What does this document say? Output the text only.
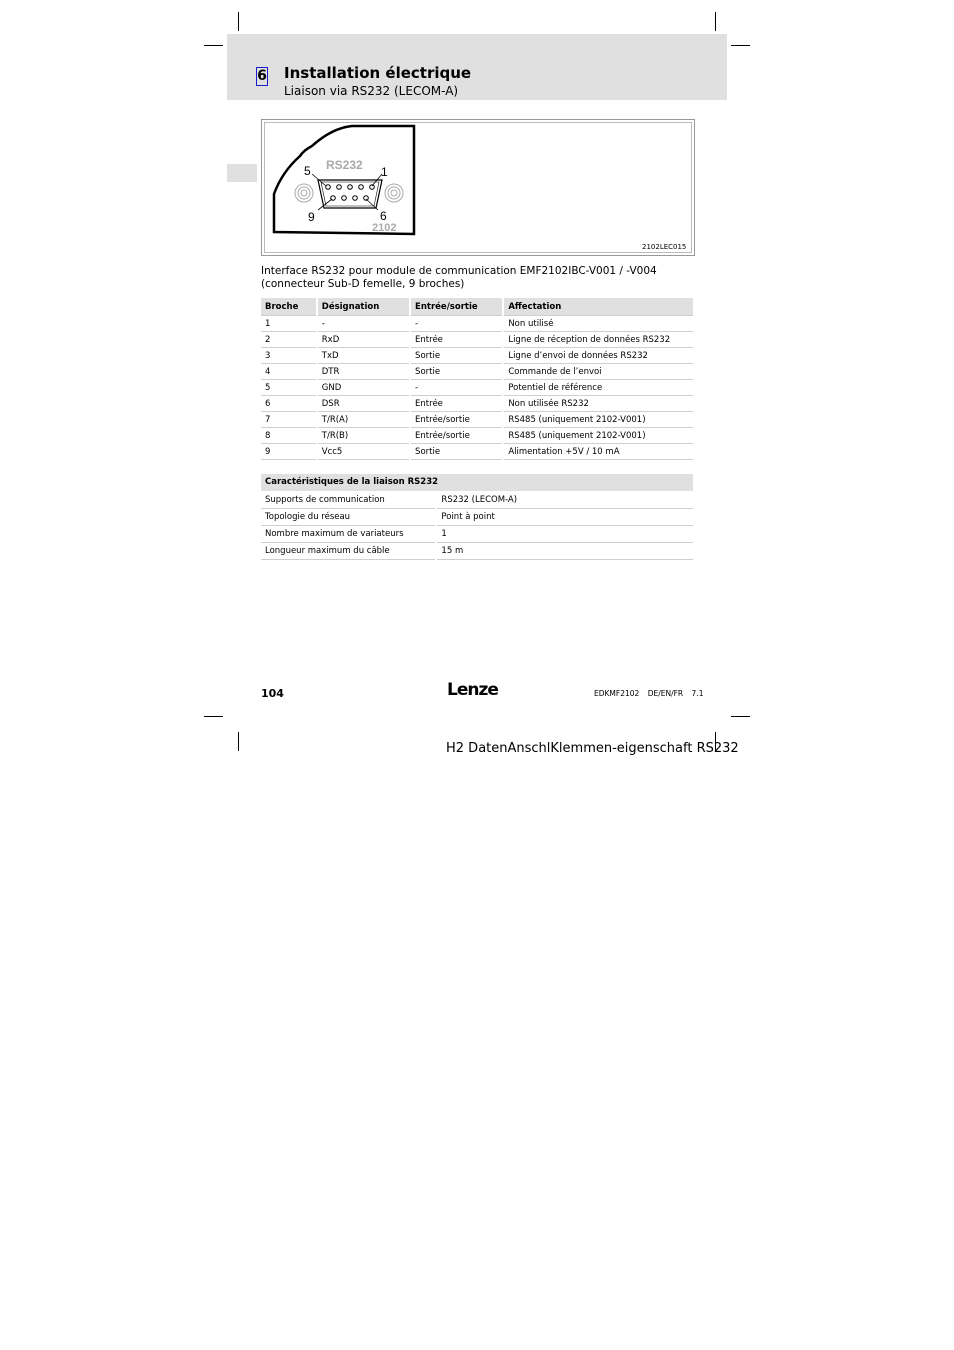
6 Installation électrique
Liaison via RS232 (LECOM-A)
RS232
5	1
9	6
2102
2102LEC015
Interface RS232 pour module de communication EMF2102IBC-V001 / -V004 (connecteur Sub-D femelle, 9 broches)
Broche	Désignation	Entrée/sortie	Affectation
1	-	-	Non utilisé
2	RxD	Entrée	Ligne de réception de données RS232
3	TxD	Sortie	Ligne d’envoi de données RS232
4	DTR	Sortie	Commande de l’envoi
5	GND	-	Potentiel de référence
6	DSR	Entrée	Non utilisée RS232
7	T/R(A)	Entrée/sortie	RS485 (uniquement 2102-V001)
8	T/R(B)	Entrée/sortie	RS485 (uniquement 2102-V001)
9	Vcc5	Sortie	Alimentation +5V / 10 mA
Caractéristiques de la liaison RS232
Supports de communication	RS232 (LECOM-A)
Topologie du réseau	Point à point
Nombre maximum de variateurs	1
Longueur maximum du câble	15 m
104	Lenze	EDKMF2102 DE/EN/FR 7.1
H2 DatenAnschlKlemmen-eigenschaft RS232
